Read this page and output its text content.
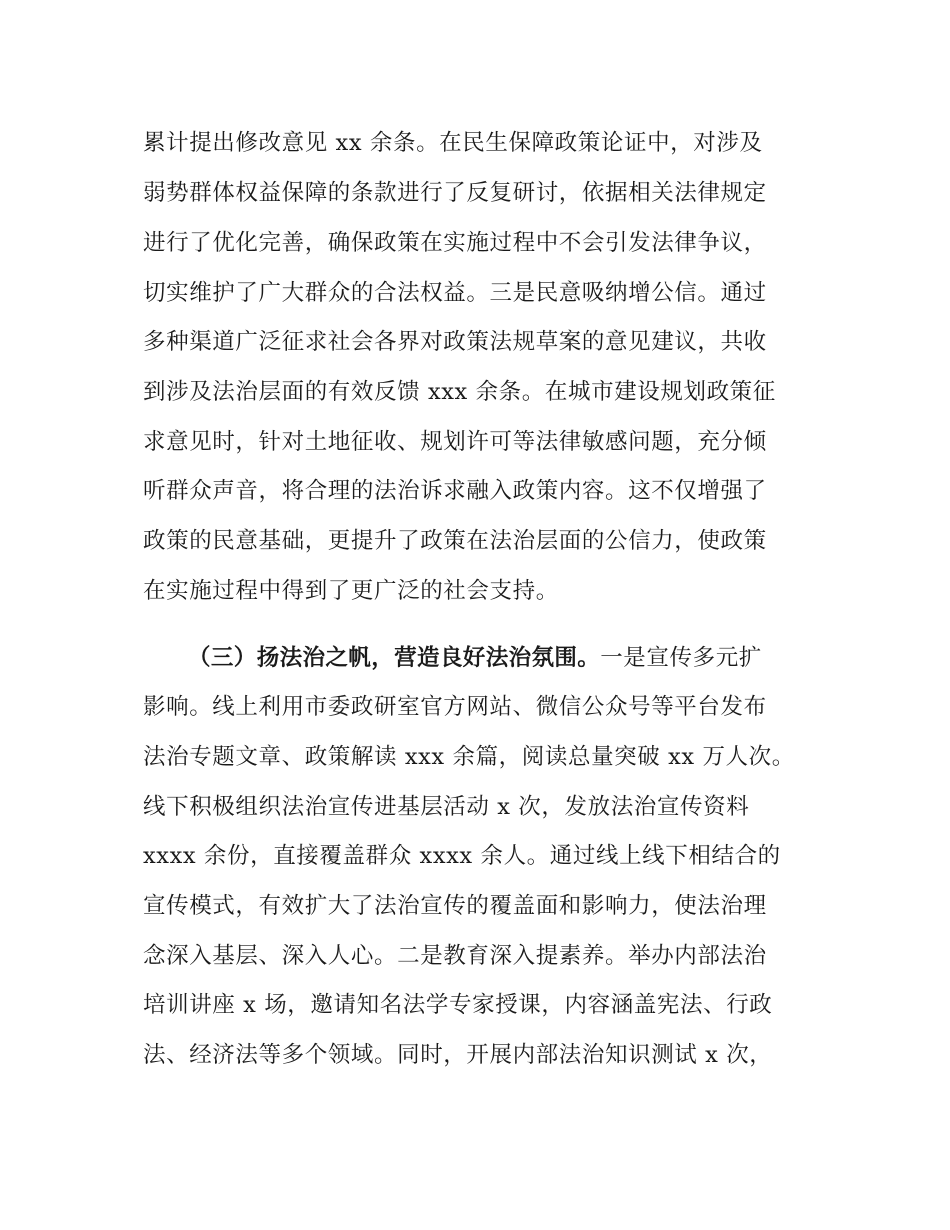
累计提出修改意见 xx 余条。在民生保障政策论证中，对涉及
弱势群体权益保障的条款进行了反复研讨，依据相关法律规定
进行了优化完善，确保政策在实施过程中不会引发法律争议，
切实维护了广大群众的合法权益。三是民意吸纳增公信。通过
多种渠道广泛征求社会各界对政策法规草案的意见建议，共收
到涉及法治层面的有效反馈 xxx 余条。在城市建设规划政策征
求意见时，针对土地征收、规划许可等法律敏感问题，充分倾
听群众声音，将合理的法治诉求融入政策内容。这不仅增强了
政策的民意基础，更提升了政策在法治层面的公信力，使政策
在实施过程中得到了更广泛的社会支持。
（三）扬法治之帆，营造良好法治氛围。一是宣传多元扩
影响。线上利用市委政研室官方网站、微信公众号等平台发布
法治专题文章、政策解读 xxx 余篇，阅读总量突破 xx 万人次。
线下积极组织法治宣传进基层活动 x 次，发放法治宣传资料
xxxx 余份，直接覆盖群众 xxxx 余人。通过线上线下相结合的
宣传模式，有效扩大了法治宣传的覆盖面和影响力，使法治理
念深入基层、深入人心。二是教育深入提素养。举办内部法治
培训讲座 x 场，邀请知名法学专家授课，内容涵盖宪法、行政
法、经济法等多个领域。同时，开展内部法治知识测试 x 次，
